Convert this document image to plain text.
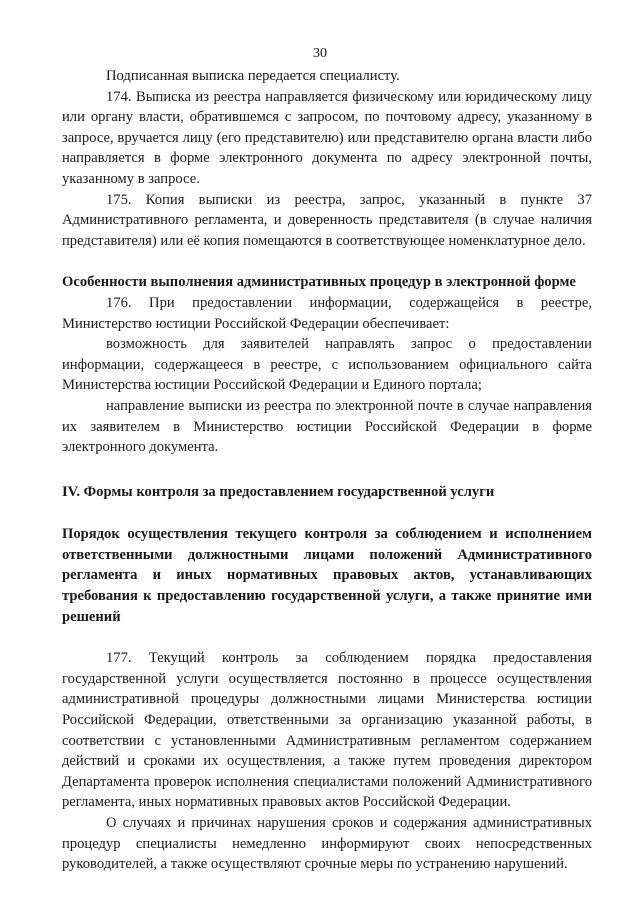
30

Подписанная выписка передается специалисту.

174. Выписка из реестра направляется физическому или юридическому лицу или органу власти, обратившемся с запросом, по почтовому адресу, указанному в запросе, вручается лицу (его представителю) или представителю органа власти либо направляется в форме электронного документа по адресу электронной почты, указанному в запросе.

175. Копия выписки из реестра, запрос, указанный в пункте 37 Административного регламента, и доверенность представителя (в случае наличия представителя) или её копия помещаются в соответствующее номенклатурное дело.

Особенности выполнения административных процедур в электронной форме

176. При предоставлении информации, содержащейся в реестре, Министерство юстиции Российской Федерации обеспечивает:

возможность для заявителей направлять запрос о предоставлении информации, содержащееся в реестре, с использованием официального сайта Министерства юстиции Российской Федерации и Единого портала;

направление выписки из реестра по электронной почте в случае направления их заявителем в Министерство юстиции Российской Федерации в форме электронного документа.

IV. Формы контроля за предоставлением государственной услуги

Порядок осуществления текущего контроля за соблюдением и исполнением ответственными должностными лицами положений Административного регламента и иных нормативных правовых актов, устанавливающих требования к предоставлению государственной услуги, а также принятие ими решений

177. Текущий контроль за соблюдением порядка предоставления государственной услуги осуществляется постоянно в процессе осуществления административной процедуры должностными лицами Министерства юстиции Российской Федерации, ответственными за организацию указанной работы, в соответствии с установленными Административным регламентом содержанием действий и сроками их осуществления, а также путем проведения директором Департамента проверок исполнения специалистами положений Административного регламента, иных нормативных правовых актов Российской Федерации.

О случаях и причинах нарушения сроков и содержания административных процедур специалисты немедленно информируют своих непосредственных руководителей, а также осуществляют срочные меры по устранению нарушений.
